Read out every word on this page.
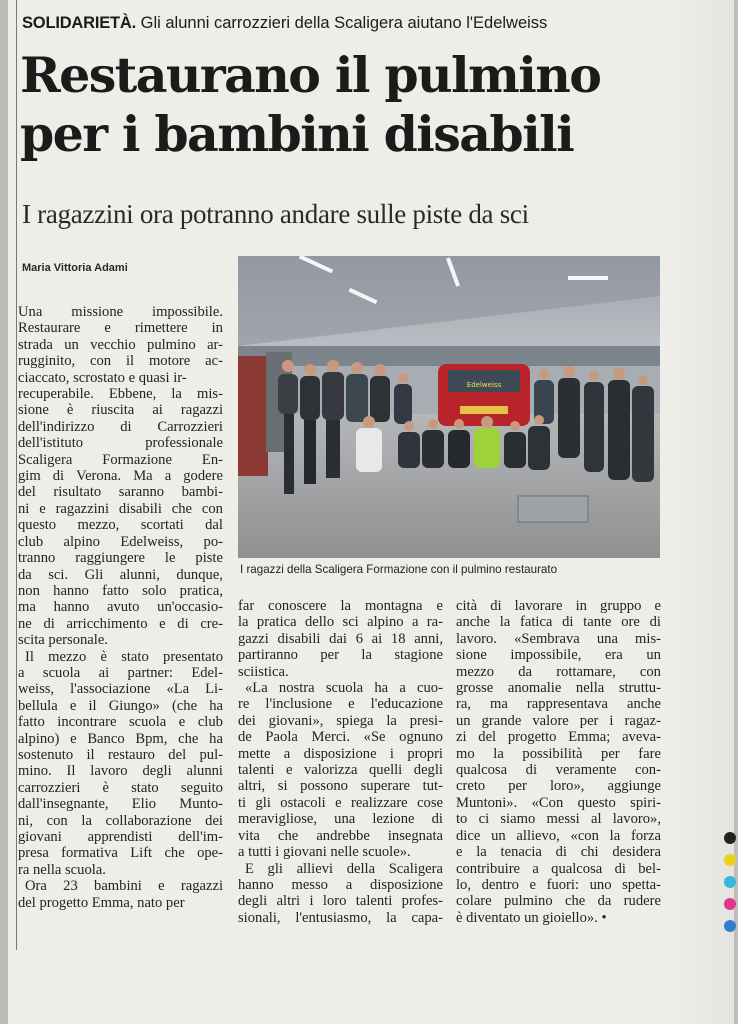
SOLIDARIETÀ. Gli alunni carrozzieri della Scaligera aiutano l'Edelweiss
Restaurano il pulmino
per i bambini disabili
I ragazzini ora potranno andare sulle piste da sci
Maria Vittoria Adami
Edelweiss
I ragazzi della Scaligera Formazione con il pulmino restaurato

Una missione impossibile.

Restaurare e rimettere in

strada un vecchio pulmino ar-

rugginito, con il motore ac-

ciaccato, scrostato e quasi ir-

recuperabile. Ebbene, la mis-

sione è riuscita ai ragazzi

dell'indirizzo di Carrozzieri

dell'istituto	professionale

Scaligera Formazione En-

gim di Verona. Ma a godere

del risultato saranno bambi-

ni e ragazzini disabili che con

questo mezzo, scortati dal

club alpino Edelweiss, po-

tranno raggiungere le piste

da sci. Gli alunni, dunque,

non hanno fatto solo pratica,

ma hanno avuto un'occasio-

ne di arricchimento e di cre-

scita personale.

Il mezzo è stato presentato

a scuola ai partner: Edel-

weiss, l'associazione «La Li-

bellula e il Giungo» (che ha

fatto incontrare scuola e club

alpino) e Banco Bpm, che ha

sostenuto il restauro del pul-

mino. Il lavoro degli alunni

carrozzieri è stato seguito

dall'insegnante, Elio Munto-

ni, con la collaborazione dei

giovani apprendisti dell'im-

presa formativa Lift che ope-

ra nella scuola.

Ora 23 bambini e ragazzi

del progetto Emma, nato per

far conoscere la montagna e

la pratica dello sci alpino a ra-

gazzi disabili dai 6 ai 18 anni,

partiranno per la stagione

sciistica.

«La nostra scuola ha a cuo-

re l'inclusione e l'educazione

dei giovani», spiega la presi-

de Paola Merci. «Se ognuno

mette a disposizione i propri

talenti e valorizza quelli degli

altri, si possono superare tut-

ti gli ostacoli e realizzare cose

meravigliose, una lezione di

vita che andrebbe insegnata

a tutti i giovani nelle scuole».

E gli allievi della Scaligera

hanno messo a disposizione

degli altri i loro talenti profes-

sionali, l'entusiasmo, la capa-

cità di lavorare in gruppo e

anche la fatica di tante ore di

lavoro. «Sembrava una mis-

sione impossibile, era un

mezzo da rottamare, con

grosse anomalie nella struttu-

ra, ma rappresentava anche

un grande valore per i ragaz-

zi del progetto Emma; aveva-

mo la possibilità per fare

qualcosa di veramente con-

creto per loro», aggiunge

Muntoni». «Con questo spiri-

to ci siamo messi al lavoro»,

dice un allievo, «con la forza

e la tenacia di chi desidera

contribuire a qualcosa di bel-

lo, dentro e fuori: uno spetta-

colare pulmino che da rudere

è diventato un gioiello». •
